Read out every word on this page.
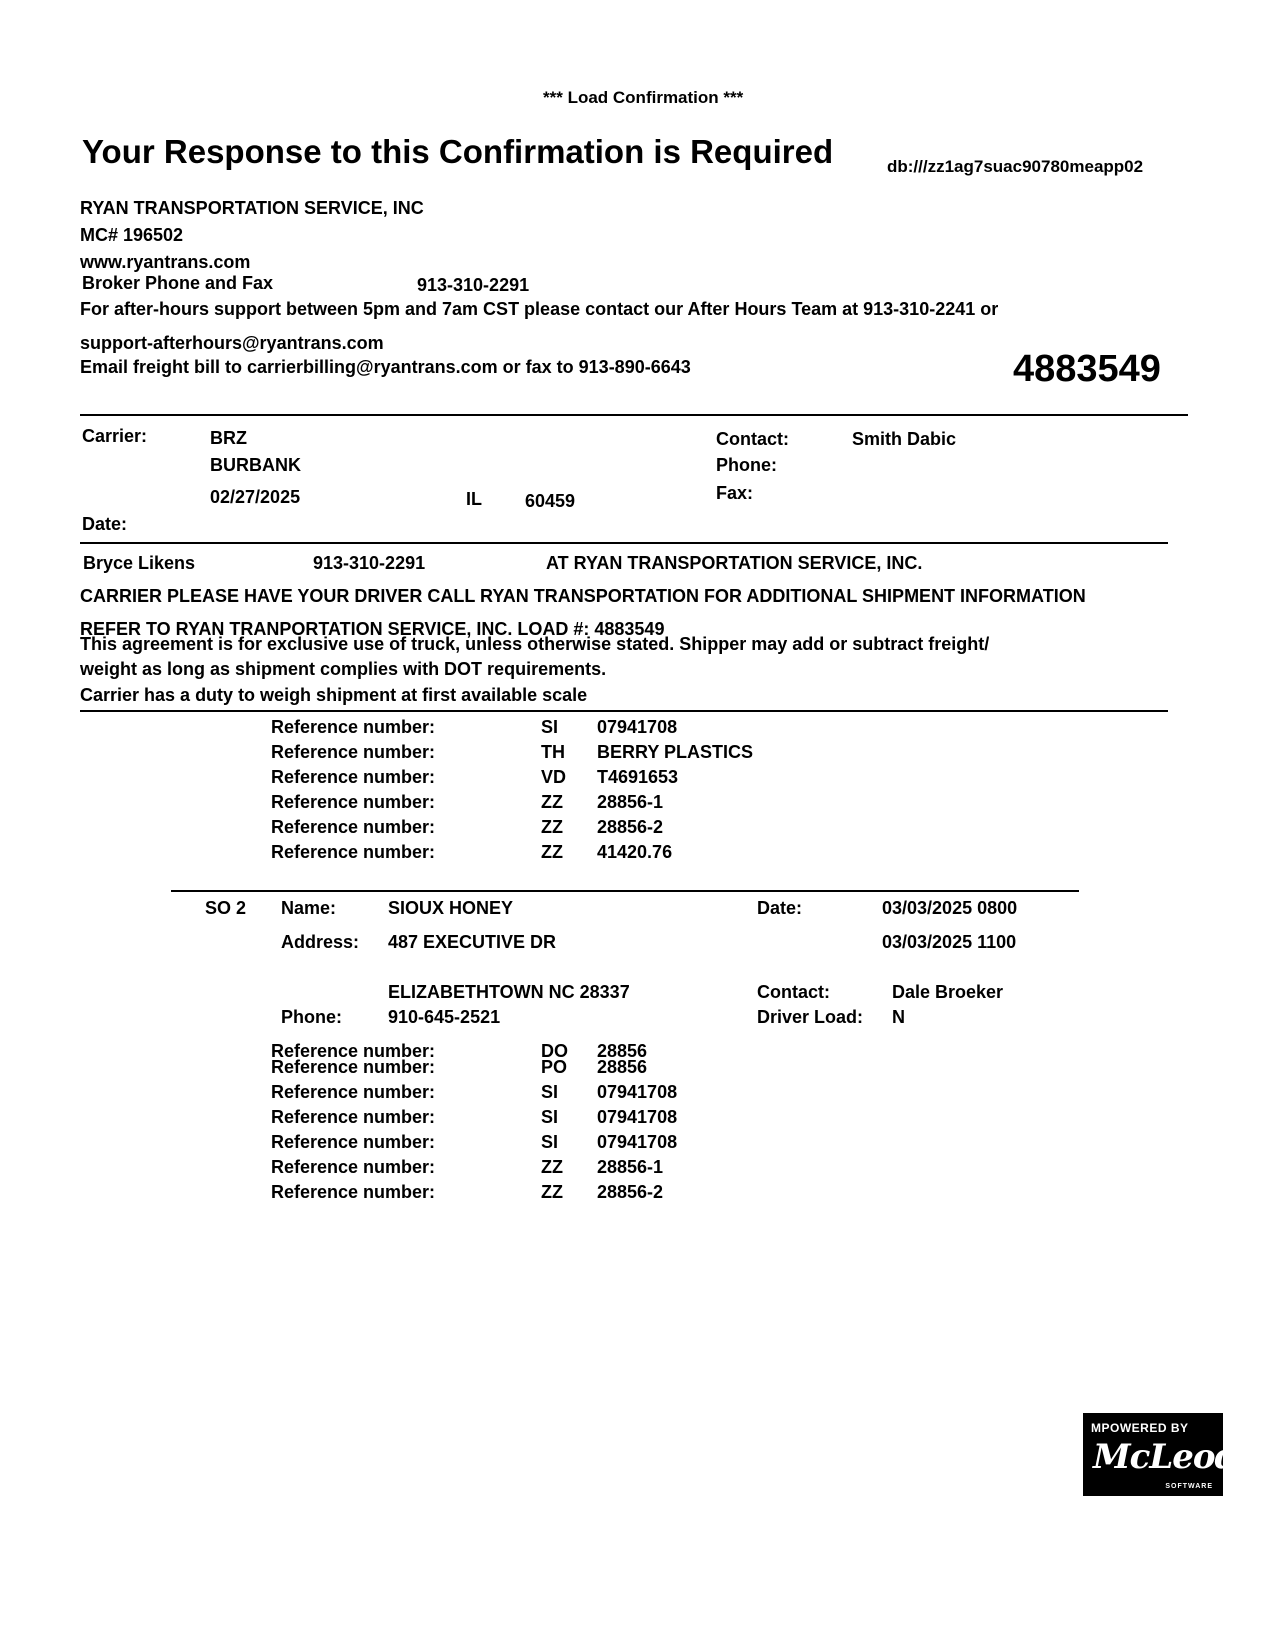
*** Load Confirmation ***
Your Response to this Confirmation is Required	db:///zz1ag7suac90780meapp02
RYAN TRANSPORTATION SERVICE, INC
MC# 196502
www.ryantrans.com
Broker Phone and Fax	913-310-2291
For after-hours support between 5pm and 7am CST please contact our After Hours Team at 913-310-2241 or
support-afterhours@ryantrans.com
Email freight bill to carrierbilling@ryantrans.com or fax to 913-890-6643	4883549
Carrier:	BRZ
BURBANK
02/27/2025	IL 60459
Date:
Contact:	Smith Dabic
Phone:
Fax:
Bryce Likens	913-310-2291	AT RYAN TRANSPORTATION SERVICE, INC.
CARRIER PLEASE HAVE YOUR DRIVER CALL RYAN TRANSPORTATION FOR ADDITIONAL SHIPMENT INFORMATION
REFER TO RYAN TRANPORTATION SERVICE, INC. LOAD #: 4883549
This agreement is for exclusive use of truck, unless otherwise stated. Shipper may add or subtract freight/
weight as long as shipment complies with DOT requirements.
Carrier has a duty to weigh shipment at first available scale
Reference number:	SI 07941708
Reference number:	TH BERRY PLASTICS
Reference number:	VD T4691653
Reference number:	ZZ 28856-1
Reference number:	ZZ 28856-2
Reference number:	ZZ 41420.76
SO 2 Name:	SIOUX HONEY	Date:	03/03/2025 0800
Address: 487 EXECUTIVE DR	03/03/2025 1100
ELIZABETHTOWN NC 28337	Contact:	Dale Broeker
Phone:	910-645-2521	Driver Load: N
Reference number:	DO 28856
Reference number:	PO 28856
Reference number:	SI 07941708
Reference number:	SI 07941708
Reference number:	SI 07941708
Reference number:	ZZ 28856-1
Reference number:	ZZ 28856-2
MPOWERED BY
McLeod
SOFTWARE
